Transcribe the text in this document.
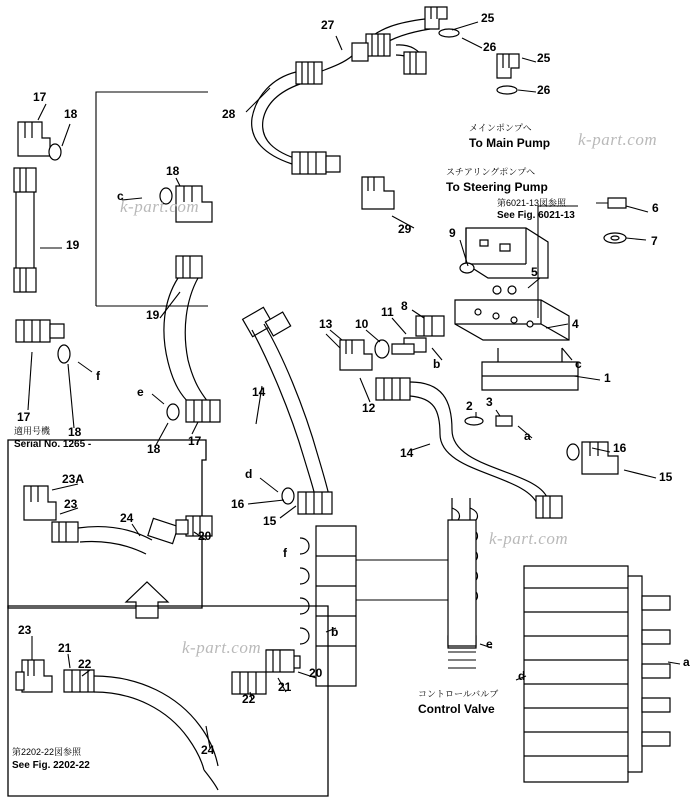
メインポンプへ
To Main Pump
スチアリングポンプへ
To Steering Pump
第6021-13図参照
See Fig. 6021-13
コントロールバルブ
Control Valve
適用号機
Serial No. 1265 -
第2202-22図参照
See Fig. 2202-22
17
18
19
17
18
f
c
18
19
e
18
17
14
d
16
15
f
b
27
28
25
26
25
26
29
6
7
9
5
8
11
10
13
12
b
4
c
1
2 3
a
16
15
14
e
d
a
23A
23
24
20
23
21
22
22
21
20
24
k-part.com
k-part.com
k-part.com
k-part.com
